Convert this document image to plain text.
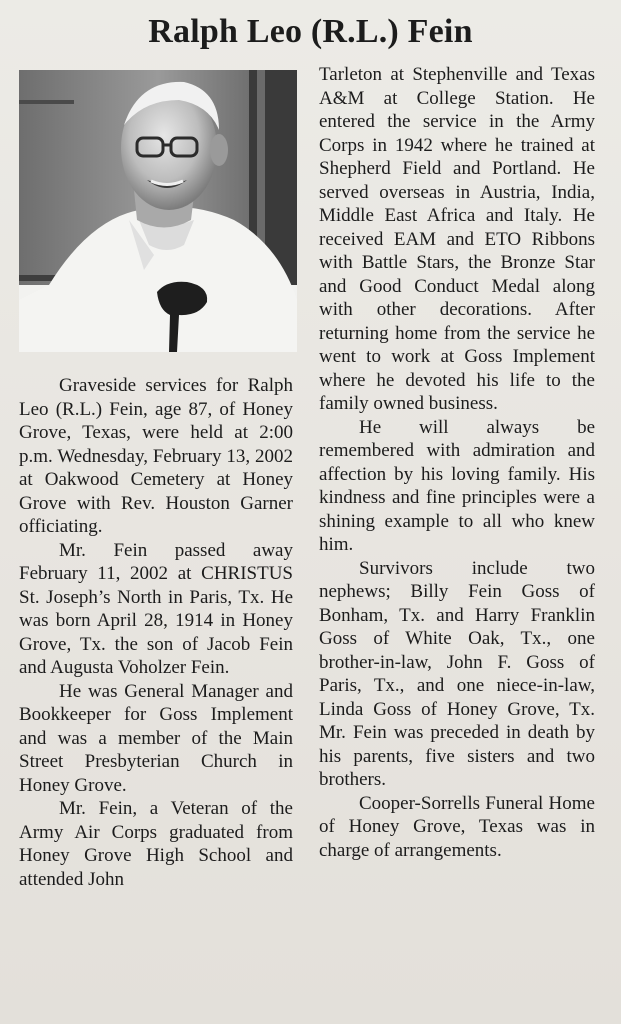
Ralph Leo (R.L.) Fein

Graveside services for Ralph Leo (R.L.) Fein, age 87, of Honey Grove, Texas, were held at 2:00 p.m. Wednesday, February 13, 2002 at Oakwood Cemetery at Honey Grove with Rev. Houston Garner officiating.

Mr. Fein passed away February 11, 2002 at CHRISTUS St. Joseph’s North in Paris, Tx. He was born April 28, 1914 in Honey Grove, Tx. the son of Jacob Fein and Augusta Voholzer Fein.

He was General Manager and Bookkeeper for Goss Implement and was a member of the Main Street Presbyterian Church in Honey Grove.

Mr. Fein, a Veteran of the Army Air Corps graduated from Honey Grove High School and attended John

Tarleton at Stephenville and Texas A&M at College Station. He entered the service in the Army Corps in 1942 where he trained at Shepherd Field and Portland. He served overseas in Austria, India, Middle East Africa and Italy. He received EAM and ETO Ribbons with Battle Stars, the Bronze Star and Good Conduct Medal along with other decorations. After returning home from the service he went to work at Goss Implement where he devoted his life to the family owned business.

He will always be remembered with admiration and affection by his loving family. His kindness and fine principles were a shining example to all who knew him.

Survivors include two nephews; Billy Fein Goss of Bonham, Tx. and Harry Franklin Goss of White Oak, Tx., one brother-in-law, John F. Goss of Paris, Tx., and one niece-in-law, Linda Goss of Honey Grove, Tx. Mr. Fein was preceded in death by his parents, five sisters and two brothers.

Cooper-Sorrells Funeral Home of Honey Grove, Texas was in charge of arrangements.
